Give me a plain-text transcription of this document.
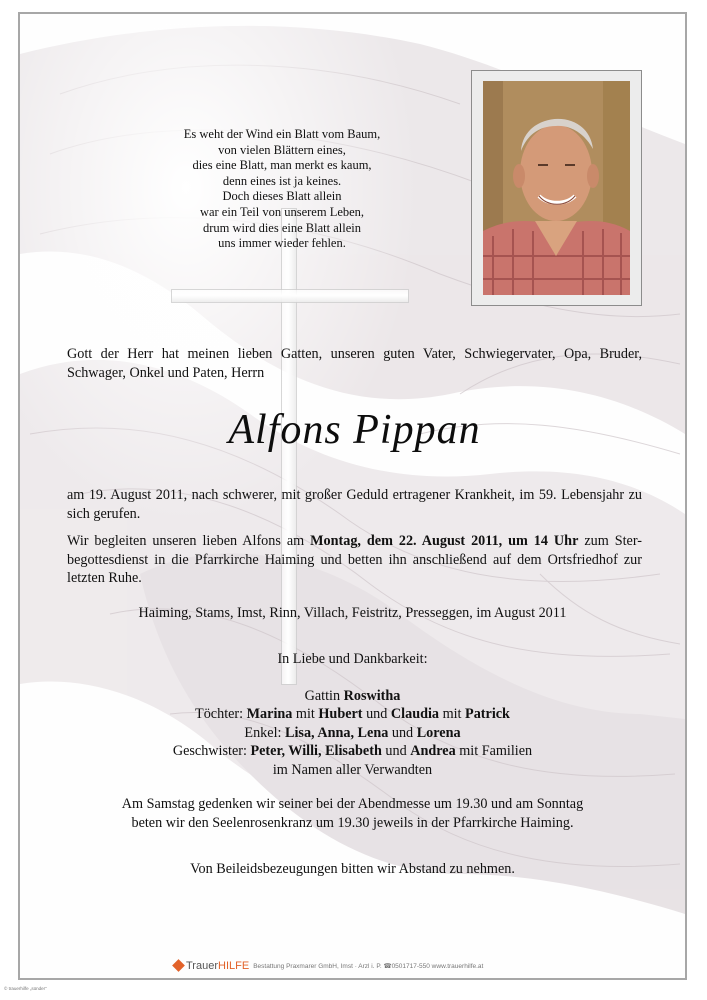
Es weht der Wind ein Blatt vom Baum,
von vielen Blättern eines,
dies eine Blatt, man merkt es kaum,
denn eines ist ja keines.
Doch dieses Blatt allein
war ein Teil von unserem Leben,
drum wird dies eine Blatt allein
uns immer wieder fehlen.
Gott der Herr hat meinen lieben Gatten, unseren guten Vater, Schwiegervater, Opa, Bruder, Schwager, Onkel und Paten, Herrn
Alfons Pippan
am 19. August 2011, nach schwerer, mit großer Geduld ertragener Krankheit, im 59. Lebensjahr zu sich gerufen.
Wir begleiten unseren lieben Alfons am Montag, dem 22. August 2011, um 14 Uhr zum Ster-begottesdienst in die Pfarrkirche Haiming und betten ihn anschließend auf dem Ortsfriedhof zur letzten Ruhe.
Haiming, Stams, Imst, Rinn, Villach, Feistritz, Presseggen, im August 2011
In Liebe und Dankbarkeit:
Gattin Roswitha
Töchter: Marina mit Hubert und Claudia mit Patrick
Enkel: Lisa, Anna, Lena und Lorena
Geschwister: Peter, Willi, Elisabeth und Andrea mit Familien
im Namen aller Verwandten
Am Samstag gedenken wir seiner bei der Abendmesse um 19.30 und am Sonntag
beten wir den Seelenrosenkranz um 19.30 jeweils in der Pfarrkirche Haiming.
Von Beileidsbezeugungen bitten wir Abstand zu nehmen.
TrauerHILFE Bestattung Praxmarer GmbH, Imst · Arzl i. P. ☎0501717-550 www.trauerhilfe.at
© trauerhilfe „sünder“
